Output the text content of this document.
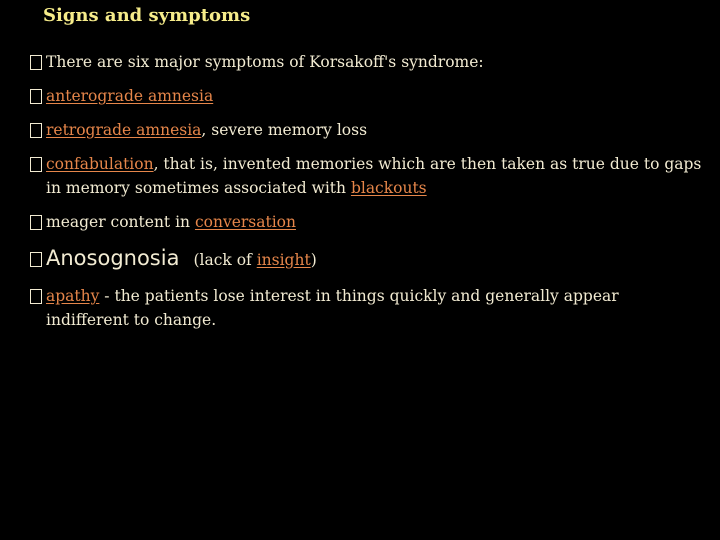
Signs and symptoms
There are six major symptoms of Korsakoff's syndrome:
anterograde amnesia
retrograde amnesia, severe memory loss
confabulation, that is, invented memories which are then taken as true due to gaps in memory sometimes associated with blackouts
meager content in conversation
Anosognosia (lack of insight)
apathy - the patients lose interest in things quickly and generally appear indifferent to change.
